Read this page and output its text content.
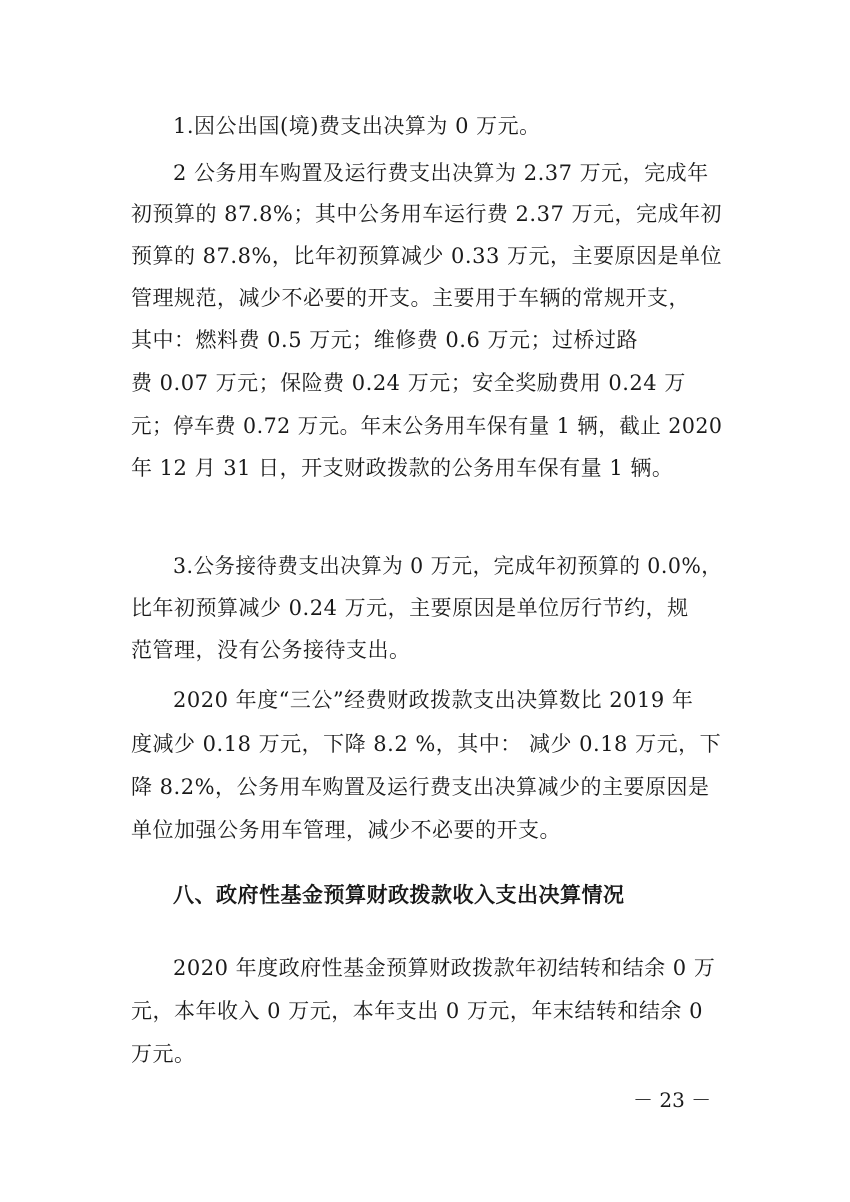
1.因公出国(境)费支出决算为 0 万元。
2 公务用车购置及运行费支出决算为 2.37 万元，完成年
初预算的 87.8%；其中公务用车运行费 2.37 万元，完成年初
预算的 87.8%，比年初预算减少 0.33 万元，主要原因是单位
管理规范，减少不必要的开支。主要用于车辆的常规开支，
其中：燃料费 0.5 万元；维修费 0.6 万元；过桥过路
费 0.07 万元；保险费 0.24 万元；安全奖励费用 0.24 万
元；停车费 0.72 万元。年末公务用车保有量 1 辆，截止 2020
年 12 月 31 日，开支财政拨款的公务用车保有量 1 辆。
3.公务接待费支出决算为 0 万元，完成年初预算的 0.0%，
比年初预算减少 0.24 万元，主要原因是单位厉行节约，规
范管理，没有公务接待支出。
2020 年度“三公”经费财政拨款支出决算数比 2019 年
度减少 0.18 万元，下降 8.2 %，其中： 减少 0.18 万元，下
降 8.2%，公务用车购置及运行费支出决算减少的主要原因是
单位加强公务用车管理，减少不必要的开支。
八、政府性基金预算财政拨款收入支出决算情况
2020 年度政府性基金预算财政拨款年初结转和结余 0 万
元，本年收入 0 万元，本年支出 0 万元，年末结转和结余 0
万元。
－ 23 －
